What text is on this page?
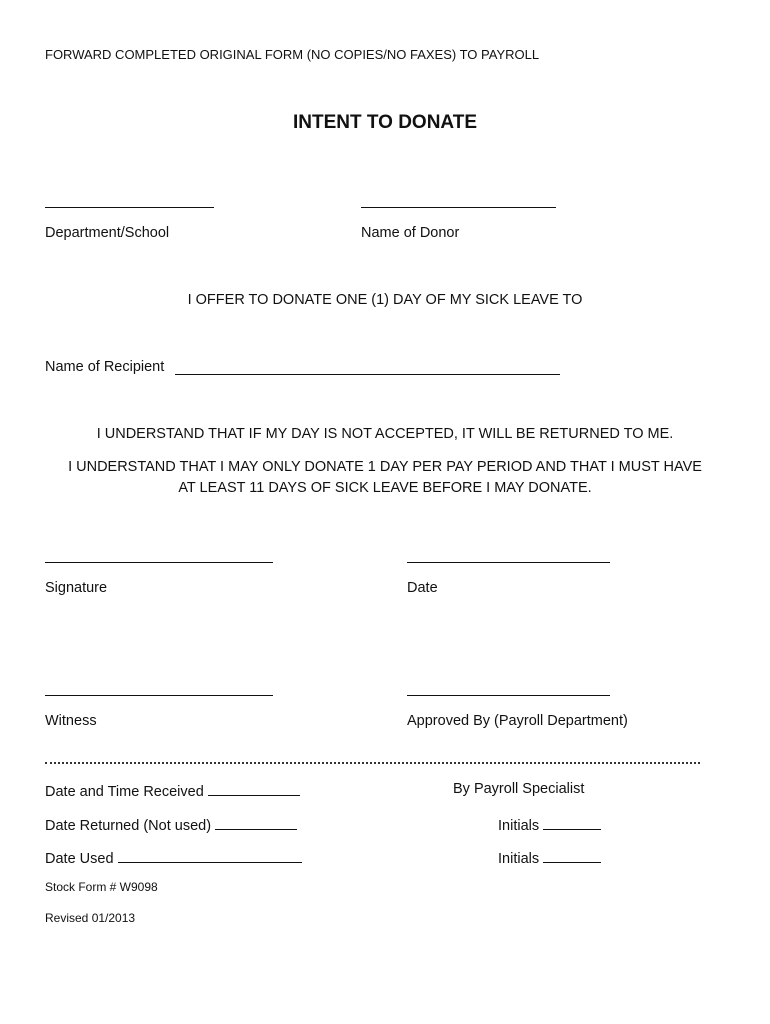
FORWARD COMPLETED ORIGINAL FORM (NO COPIES/NO FAXES) TO PAYROLL
INTENT TO DONATE
Department/School	Name of Donor
I OFFER TO DONATE ONE (1) DAY OF MY SICK LEAVE TO
Name of Recipient
I UNDERSTAND THAT IF MY DAY IS NOT ACCEPTED, IT WILL BE RETURNED TO ME.
I UNDERSTAND THAT I MAY ONLY DONATE 1 DAY PER PAY PERIOD AND THAT I MUST HAVE
AT LEAST 11 DAYS OF SICK LEAVE BEFORE I MAY DONATE.
Signature	Date
Witness	Approved By (Payroll Department)
Date and Time Received	By Payroll Specialist
Date Returned (Not used)	Initials
Date Used	Initials
Stock Form # W9098
Revised 01/2013
